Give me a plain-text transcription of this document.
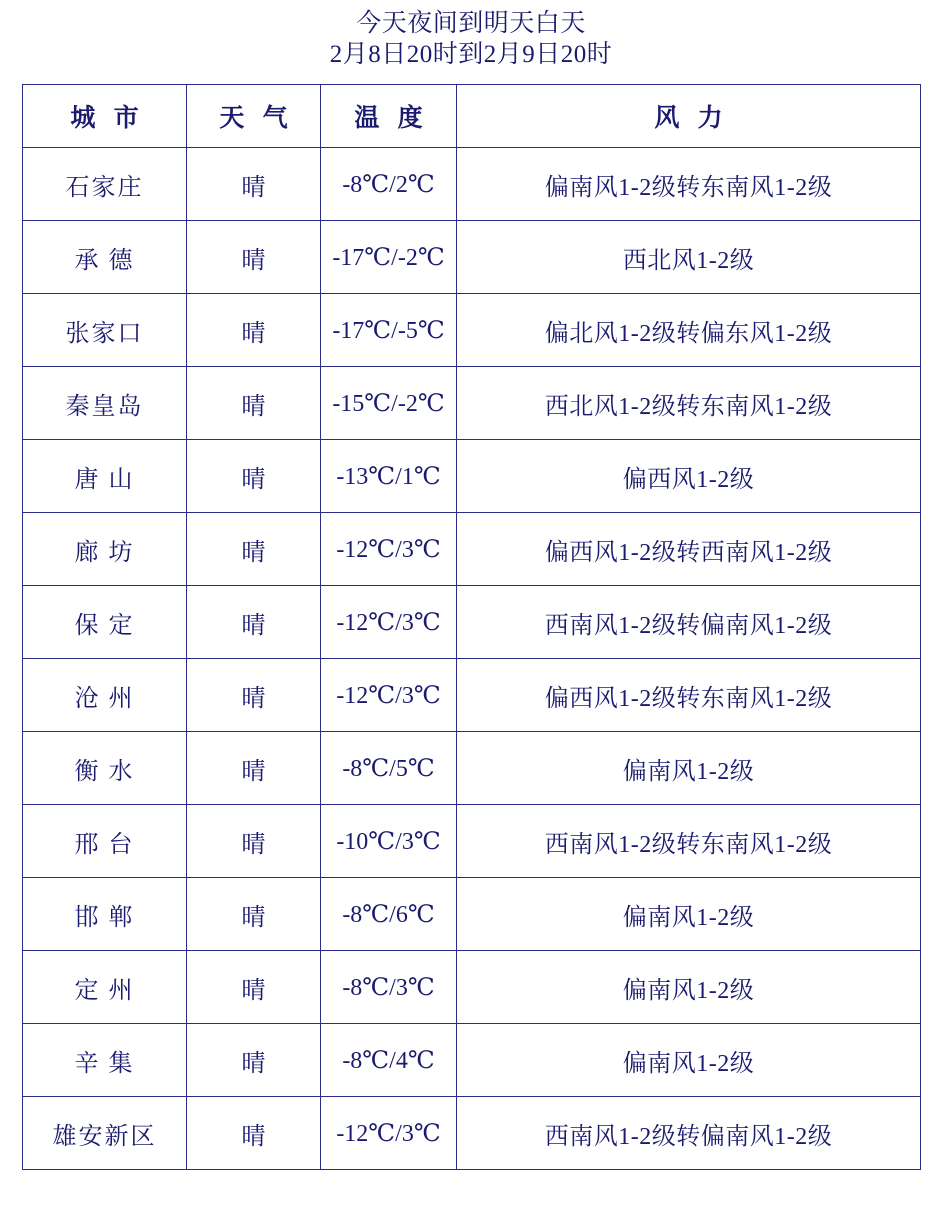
今天夜间到明天白天
2月8日20时到2月9日20时
城 市	天 气	温 度	风 力
石家庄	晴	-8℃/2℃	偏南风1-2级转东南风1-2级
承 德	晴	-17℃/-2℃	西北风1-2级
张家口	晴	-17℃/-5℃	偏北风1-2级转偏东风1-2级
秦皇岛	晴	-15℃/-2℃	西北风1-2级转东南风1-2级
唐 山	晴	-13℃/1℃	偏西风1-2级
廊 坊	晴	-12℃/3℃	偏西风1-2级转西南风1-2级
保 定	晴	-12℃/3℃	西南风1-2级转偏南风1-2级
沧 州	晴	-12℃/3℃	偏西风1-2级转东南风1-2级
衡 水	晴	-8℃/5℃	偏南风1-2级
邢 台	晴	-10℃/3℃	西南风1-2级转东南风1-2级
邯 郸	晴	-8℃/6℃	偏南风1-2级
定 州	晴	-8℃/3℃	偏南风1-2级
辛 集	晴	-8℃/4℃	偏南风1-2级
雄安新区	晴	-12℃/3℃	西南风1-2级转偏南风1-2级
